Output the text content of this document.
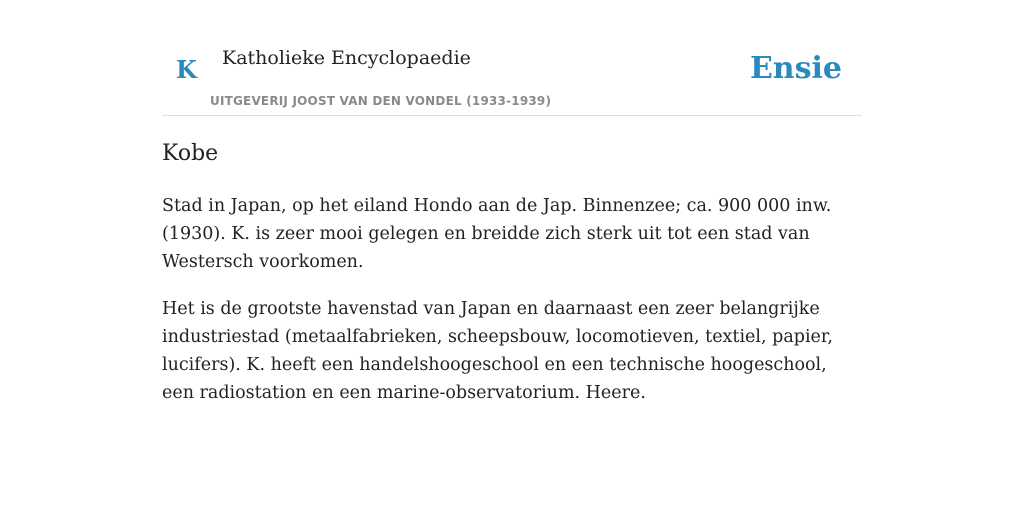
K Katholieke Encyclopaedie
UITGEVERIJ JOOST VAN DEN VONDEL (1933-1939)
Ensie
Kobe

Stad in Japan, op het eiland Hondo aan de Jap. Binnenzee; ca. 900 000 inw.(1930). K. is zeer mooi gelegen en breidde zich sterk uit tot een stad van Westersch voorkomen.

Het is de grootste havenstad van Japan en daarnaast een zeer belangrijke industriestad (metaalfabrieken, scheepsbouw, locomotieven, textiel, papier, lucifers). K. heeft een handelshoogeschool en een technische hoogeschool, een radiostation en een marine-observatorium. Heere.
